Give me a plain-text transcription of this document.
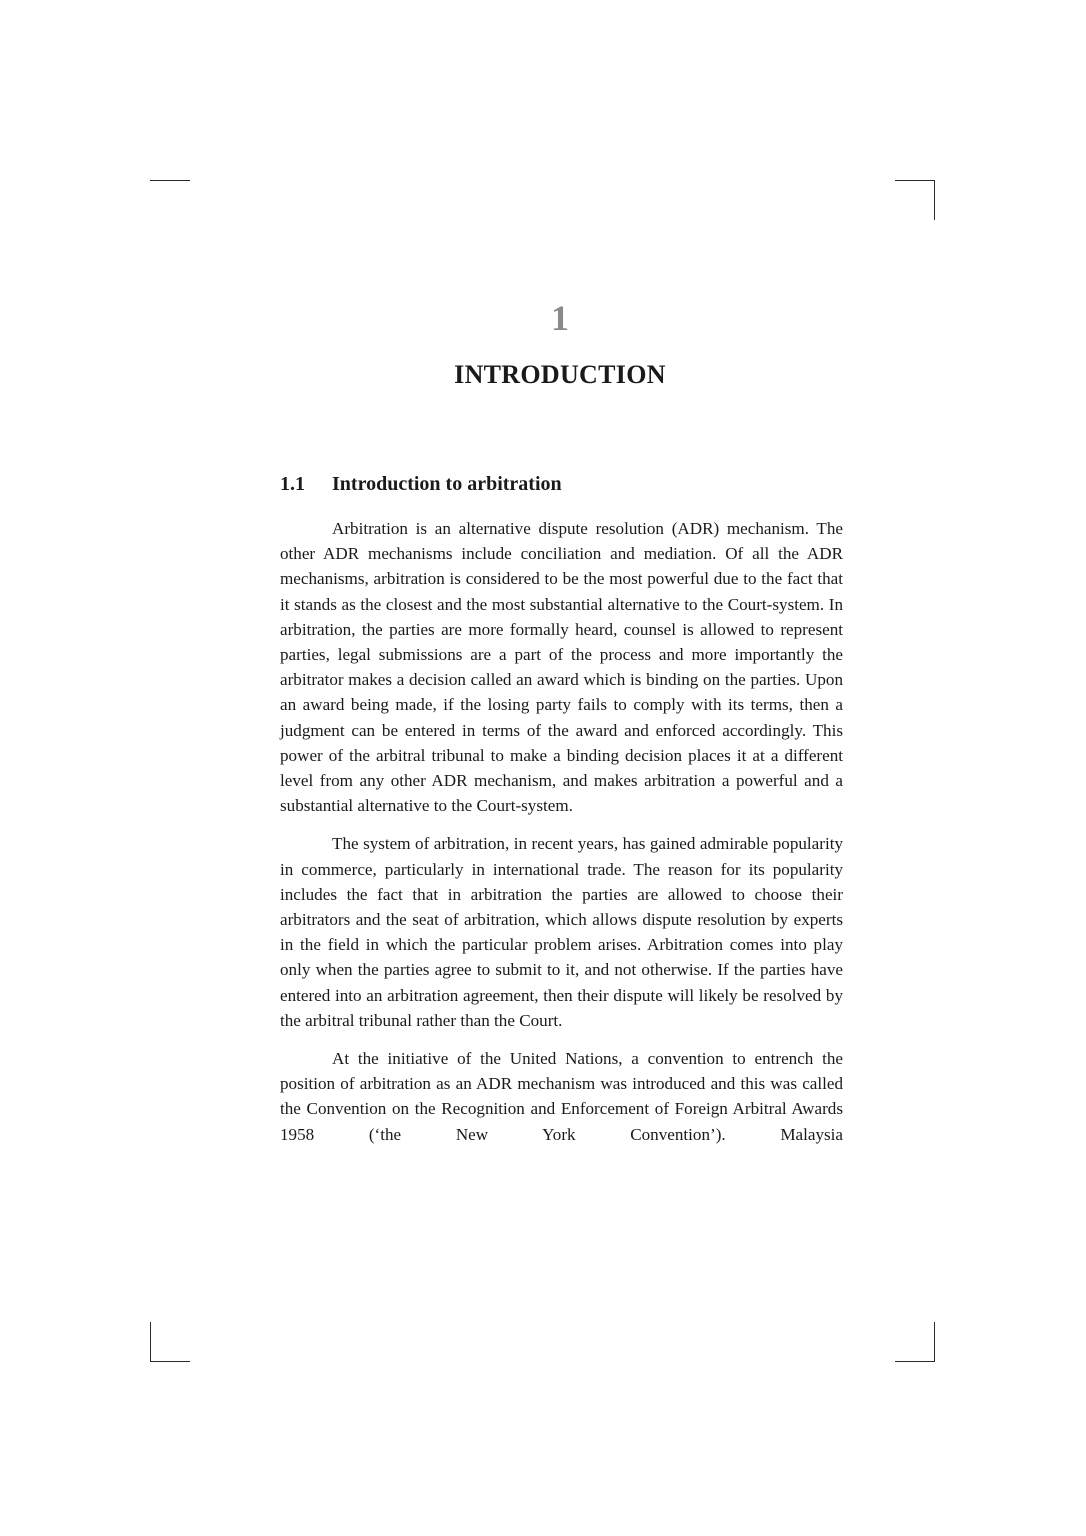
1
INTRODUCTION
1.1 Introduction to arbitration

Arbitration is an alternative dispute resolution (ADR) mechanism. The other ADR mechanisms include conciliation and mediation. Of all the ADR mechanisms, arbitration is considered to be the most powerful due to the fact that it stands as the closest and the most substantial alternative to the Court-system. In arbitration, the parties are more formally heard, counsel is allowed to represent parties, legal submissions are a part of the process and more importantly the arbitrator makes a decision called an award which is binding on the parties. Upon an award being made, if the losing party fails to comply with its terms, then a judgment can be entered in terms of the award and enforced accordingly. This power of the arbitral tribunal to make a binding decision places it at a different level from any other ADR mechanism, and makes arbitration a powerful and a substantial alternative to the Court-system.

The system of arbitration, in recent years, has gained admirable popularity in commerce, particularly in international trade. The reason for its popularity includes the fact that in arbitration the parties are allowed to choose their arbitrators and the seat of arbitration, which allows dispute resolution by experts in the field in which the particular problem arises. Arbitration comes into play only when the parties agree to submit to it, and not otherwise. If the parties have entered into an arbitration agreement, then their dispute will likely be resolved by the arbitral tribunal rather than the Court.

At the initiative of the United Nations, a convention to entrench the position of arbitration as an ADR mechanism was introduced and this was called the Convention on the Recognition and Enforcement of Foreign Arbitral Awards 1958 (‘the New York Convention’). Malaysia
